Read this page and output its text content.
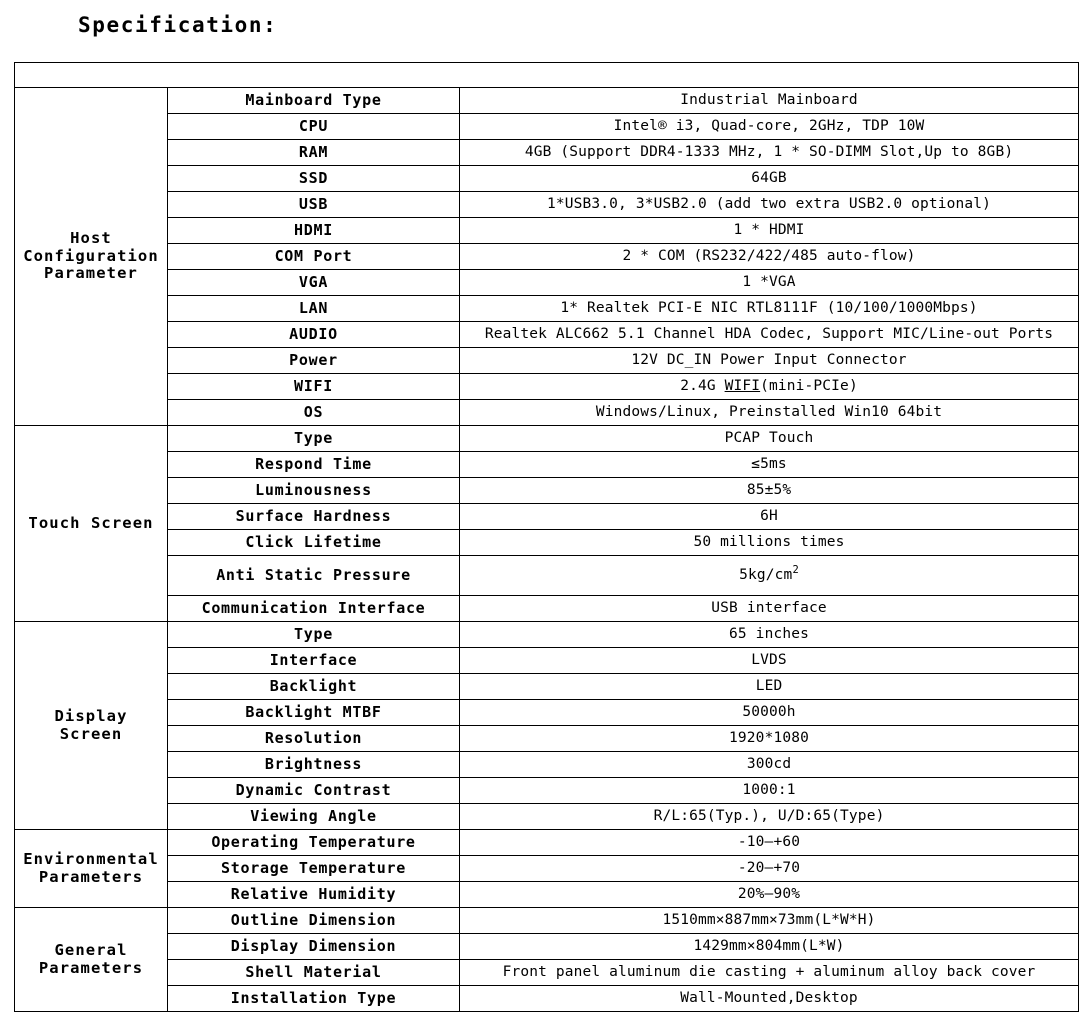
Specification:

Host
Configuration
Parameter	Mainboard Type	Industrial Mainboard
	CPU	Intel® i3, Quad-core, 2GHz, TDP 10W
	RAM	4GB (Support DDR4-1333 MHz, 1 * SO-DIMM Slot,Up to 8GB)
	SSD	64GB
	USB	1*USB3.0, 3*USB2.0 (add two extra USB2.0 optional)
	HDMI	1 * HDMI
	COM Port	2 * COM (RS232/422/485 auto-flow)
	VGA	1 *VGA
	LAN	1* Realtek PCI-E NIC RTL8111F (10/100/1000Mbps)
	AUDIO	Realtek ALC662 5.1 Channel HDA Codec, Support MIC/Line-out Ports
	Power	12V DC_IN Power Input Connector
	WIFI	2.4G WIFI(mini-PCIe)
	OS	Windows/Linux, Preinstalled Win10 64bit
Touch Screen	Type	PCAP Touch
	Respond Time	≤5ms
	Luminousness	85±5%
	Surface Hardness	6H
	Click Lifetime	50 millions times
	Anti Static Pressure	$5kg/cm^2$
	Communication Interface	USB interface
Display
Screen	Type	65 inches
	Interface	LVDS
	Backlight	LED
	Backlight MTBF	50000h
	Resolution	1920*1080
	Brightness	300cd
	Dynamic Contrast	1000:1
	Viewing Angle	R/L:65(Typ.), U/D:65(Type)
Environmental
Parameters	Operating Temperature	-10—+60
	Storage Temperature	-20—+70
	Relative Humidity	20%—90%
General
Parameters	Outline Dimension	1510mm×887mm×73mm(L*W*H)
	Display Dimension	1429mm×804mm(L*W)
	Shell Material	Front panel aluminum die casting + aluminum alloy back cover
	Installation Type	Wall-Mounted,Desktop
